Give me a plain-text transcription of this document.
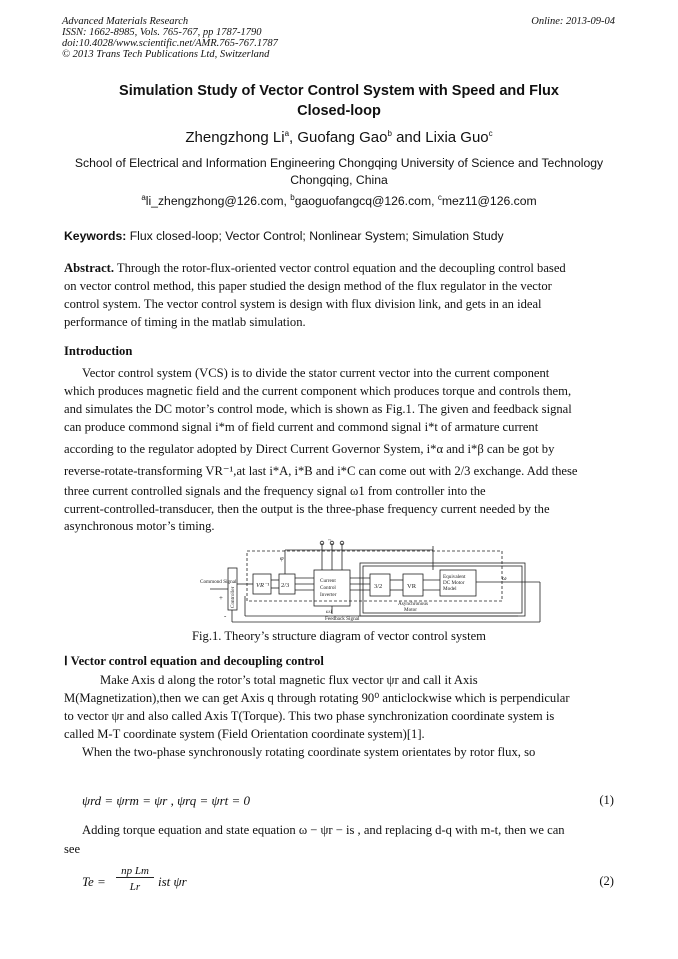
Advanced Materials Research
ISSN: 1662-8985, Vols. 765-767, pp 1787-1790
doi:10.4028/www.scientific.net/AMR.765-767.1787
© 2013 Trans Tech Publications Ltd, Switzerland
Online: 2013-09-04
Simulation Study of Vector Control System with Speed and Flux
Closed-loop
Zhengzhong Li$^a$, Guofang Gao$^b$ and Lixia Guo$^c$
School of Electrical and Information Engineering Chongqing University of Science and Technology
Chongqing, China
$^a$li_zhengzhong@126.com, $^b$gaoguofangcq@126.com, $^c$mez11@126.com
Keywords: Flux closed-loop; Vector Control; Nonlinear System; Simulation Study
Abstract. Through the rotor-flux-oriented vector control equation and the decoupling control based
on vector control method, this paper studied the design method of the flux regulator in the vector
control system. The vector control system is design with flux division link, and gets in an ideal
performance of timing in the matlab simulation.
Introduction
Vector control system (VCS) is to divide the stator current vector into the current component
which produces magnetic field and the current component which produces torque and controls them,
and simulates the DC motor’s control mode, which is shown as Fig.1. The given and feedback signal
can produce commond signal i*m of field current and commond signal i*t of armature current
according to the regulator adopted by Direct Current Governor System, i*α and i*β can be got by
reverse-rotate-transforming VR⁻¹,at last i*A, i*B and i*C can come out with 2/3 exchange. Add these
three current controlled signals and the frequency signal ω1 from controller into the
current-controlled-transducer, then the output is the three-phase frequency current needed by the
asynchronous motor’s timing.
Commond Signal
+
-
Controller
VR⁻¹ 2/3
Current
Control
Inverter
3/2	VR
Equivalent
DC Motor
Model
Asynchronous
Motor
Feedback Signal
φ
ω
~
ω1
Fig.1. Theory’s structure diagram of vector control system
Ⅰ Vector control equation and decoupling control
Make Axis d along the rotor’s total magnetic flux vector ψr and call it Axis
M(Magnetization),then we can get Axis q through rotating 90⁰ anticlockwise which is perpendicular
to vector ψr and also called Axis T(Torque). This two phase synchronization coordinate system is
called M-T coordinate system (Field Orientation coordinate system)[1].
When the two-phase synchronously rotating coordinate system orientates by rotor flux, so
ψrd = ψrm = ψr , ψrq = ψrt = 0	(1)
Adding torque equation and state equation ω − ψr − is , and replacing d-q with m-t, then we can
see
Te =
np Lm
Lr	ist ψr	(2)
